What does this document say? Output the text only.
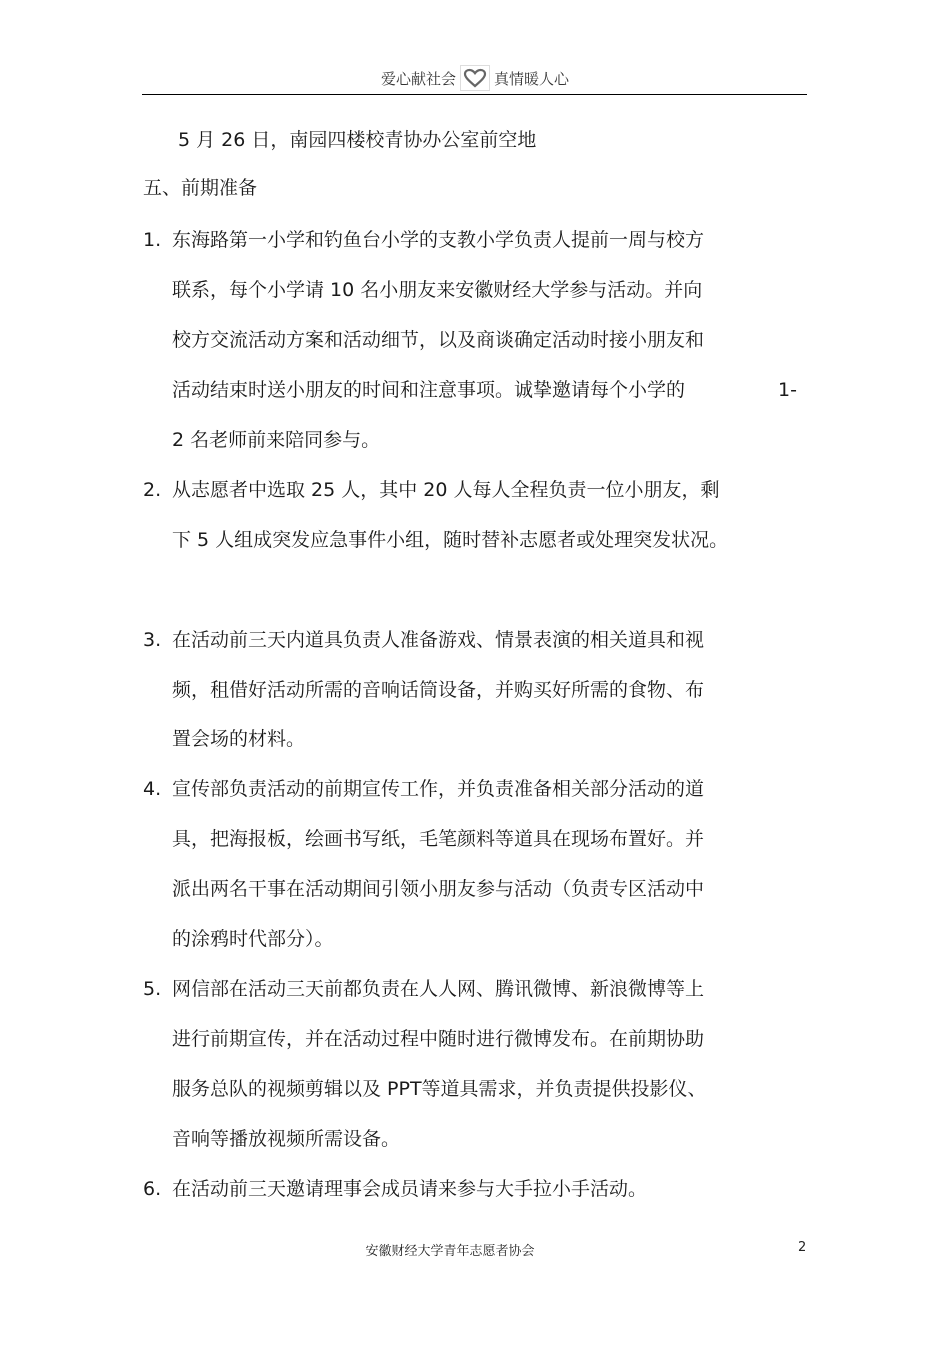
爱心献社会	真情暖人心
5 月 26 日，南园四楼校青协办公室前空地
五、前期准备
1. 东海路第一小学和钓鱼台小学的支教小学负责人提前一周与校方
联系，每个小学请 10 名小朋友来安徽财经大学参与活动。并向
校方交流活动方案和活动细节，以及商谈确定活动时接小朋友和
活动结束时送小朋友的时间和注意事项。诚挚邀请每个小学的	1-
2 名老师前来陪同参与。
2. 从志愿者中选取 25 人，其中 20 人每人全程负责一位小朋友，剩
下 5 人组成突发应急事件小组，随时替补志愿者或处理突发状况。
3. 在活动前三天内道具负责人准备游戏、情景表演的相关道具和视
频，租借好活动所需的音响话筒设备，并购买好所需的食物、布
置会场的材料。
4. 宣传部负责活动的前期宣传工作，并负责准备相关部分活动的道
具，把海报板，绘画书写纸，毛笔颜料等道具在现场布置好。并
派出两名干事在活动期间引领小朋友参与活动（负责专区活动中
的涂鸦时代部分）。
5. 网信部在活动三天前都负责在人人网、腾讯微博、新浪微博等上
进行前期宣传，并在活动过程中随时进行微博发布。在前期协助
服务总队的视频剪辑以及 PPT等道具需求，并负责提供投影仪、
音响等播放视频所需设备。
6. 在活动前三天邀请理事会成员请来参与大手拉小手活动。
安徽财经大学青年志愿者协会	2
